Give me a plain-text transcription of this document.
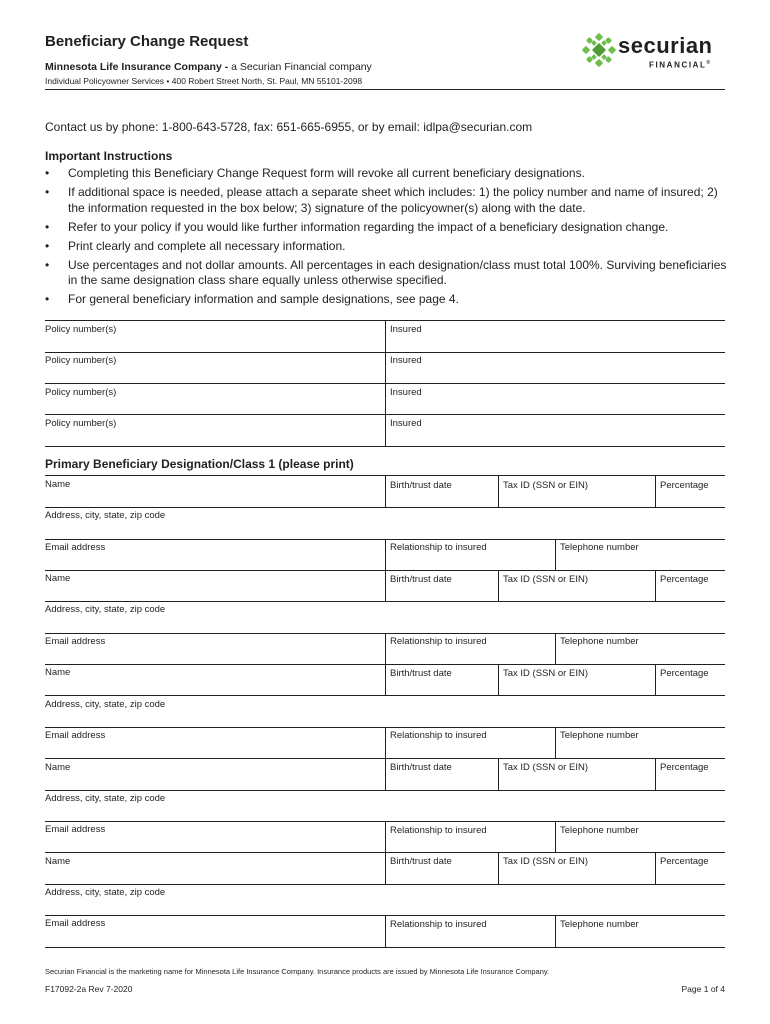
Beneficiary Change Request
Minnesota Life Insurance Company - a Securian Financial company
Individual Policyowner Services • 400 Robert Street North, St. Paul, MN 55101-2098
securian
FINANCIAL®
Contact us by phone: 1-800-643-5728, fax: 651-665-6955, or by email: idlpa@securian.com
Important Instructions
• Completing this Beneficiary Change Request form will revoke all current beneficiary designations.
• If additional space is needed, please attach a separate sheet which includes: 1) the policy number and name of insured; 2) the information requested in the box below; 3) signature of the policyowner(s) along with the date.
• Refer to your policy if you would like further information regarding the impact of a beneficiary designation change.
• Print clearly and complete all necessary information.
• Use percentages and not dollar amounts. All percentages in each designation/class must total 100%. Surviving beneficiaries in the same designation class share equally unless otherwise specified.
• For general beneficiary information and sample designations, see page 4.
Policy number(s)	Insured
Policy number(s)	Insured
Policy number(s)	Insured
Policy number(s)	Insured
Primary Beneficiary Designation/Class 1 (please print)
Name	Birth/trust date	Tax ID (SSN or EIN)	Percentage
Address, city, state, zip code
Email address	Relationship to insured	Telephone number
Name	Birth/trust date	Tax ID (SSN or EIN)	Percentage
Address, city, state, zip code
Email address	Relationship to insured	Telephone number
Name	Birth/trust date	Tax ID (SSN or EIN)	Percentage
Address, city, state, zip code
Email address	Relationship to insured	Telephone number
Name	Birth/trust date	Tax ID (SSN or EIN)	Percentage
Address, city, state, zip code
Email address	Relationship to insured	Telephone number
Name	Birth/trust date	Tax ID (SSN or EIN)	Percentage
Address, city, state, zip code
Email address	Relationship to insured	Telephone number
Securian Financial is the marketing name for Minnesota Life Insurance Company. Insurance products are issued by Minnesota Life Insurance Company.
F17092-2a Rev 7-2020	Page 1 of 4
